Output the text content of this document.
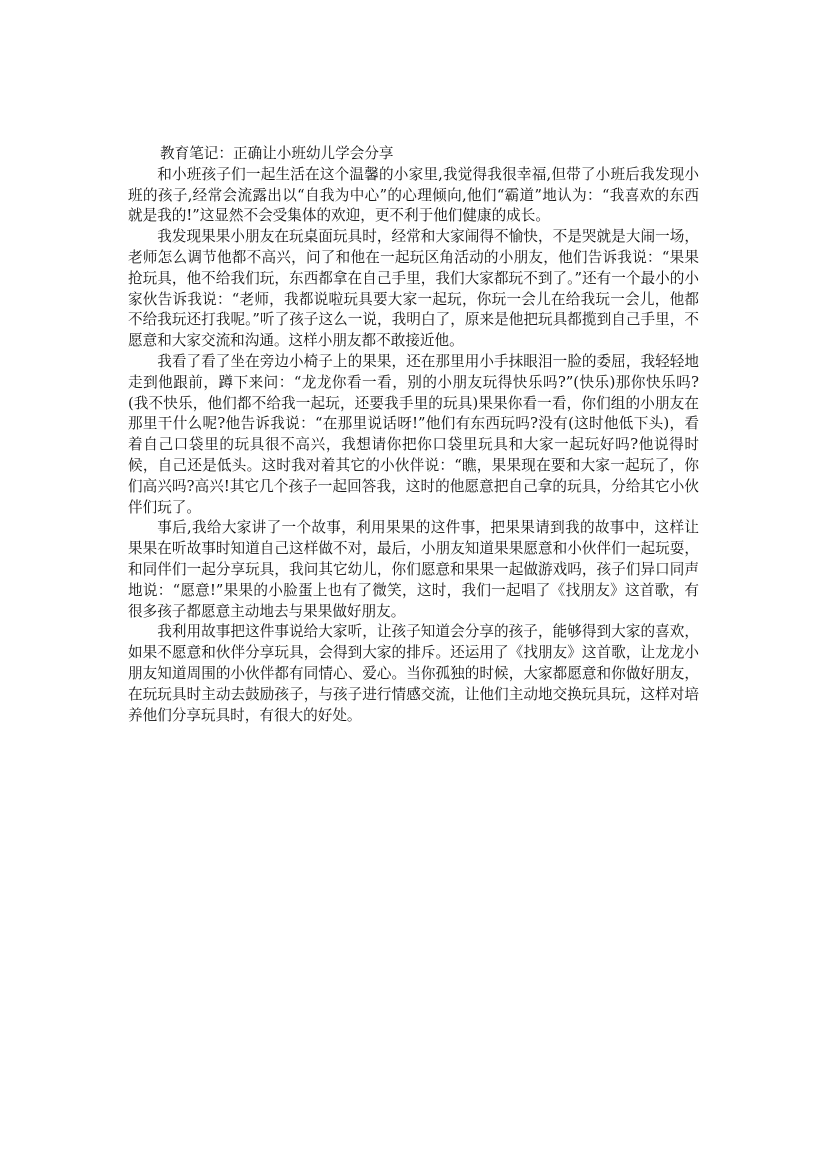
教育笔记：正确让小班幼儿学会分享

和小班孩子们一起生活在这个温馨的小家里,我觉得我很幸福,但带了小班后我发现小班的孩子,经常会流露出以“自我为中心”的心理倾向,他们“霸道”地认为：“我喜欢的东西就是我的!”这显然不会受集体的欢迎，更不利于他们健康的成长。

我发现果果小朋友在玩桌面玩具时，经常和大家闹得不愉快，不是哭就是大闹一场，老师怎么调节他都不高兴，问了和他在一起玩区角活动的小朋友，他们告诉我说：“果果抢玩具，他不给我们玩，东西都拿在自己手里，我们大家都玩不到了。”还有一个最小的小家伙告诉我说：“老师，我都说啦玩具要大家一起玩，你玩一会儿在给我玩一会儿，他都不给我玩还打我呢。”听了孩子这么一说，我明白了，原来是他把玩具都揽到自己手里，不愿意和大家交流和沟通。这样小朋友都不敢接近他。

我看了看了坐在旁边小椅子上的果果，还在那里用小手抹眼泪一脸的委屈，我轻轻地走到他跟前，蹲下来问：“龙龙你看一看，别的小朋友玩得快乐吗?”(快乐)那你快乐吗?(我不快乐，他们都不给我一起玩，还要我手里的玩具)果果你看一看，你们组的小朋友在那里干什么呢?他告诉我说：“在那里说话呀!”他们有东西玩吗?没有(这时他低下头)，看着自己口袋里的玩具很不高兴，我想请你把你口袋里玩具和大家一起玩好吗?他说得时候，自己还是低头。这时我对着其它的小伙伴说：“瞧，果果现在要和大家一起玩了，你们高兴吗?高兴!其它几个孩子一起回答我，这时的他愿意把自己拿的玩具，分给其它小伙伴们玩了。

事后,我给大家讲了一个故事，利用果果的这件事，把果果请到我的故事中，这样让果果在听故事时知道自己这样做不对，最后，小朋友知道果果愿意和小伙伴们一起玩耍，和同伴们一起分享玩具，我问其它幼儿，你们愿意和果果一起做游戏吗，孩子们异口同声地说：“愿意!”果果的小脸蛋上也有了微笑，这时，我们一起唱了《找朋友》这首歌，有很多孩子都愿意主动地去与果果做好朋友。

我利用故事把这件事说给大家听，让孩子知道会分享的孩子，能够得到大家的喜欢，如果不愿意和伙伴分享玩具，会得到大家的排斥。还运用了《找朋友》这首歌，让龙龙小朋友知道周围的小伙伴都有同情心、爱心。当你孤独的时候，大家都愿意和你做好朋友，在玩玩具时主动去鼓励孩子，与孩子进行情感交流，让他们主动地交换玩具玩，这样对培养他们分享玩具时，有很大的好处。
